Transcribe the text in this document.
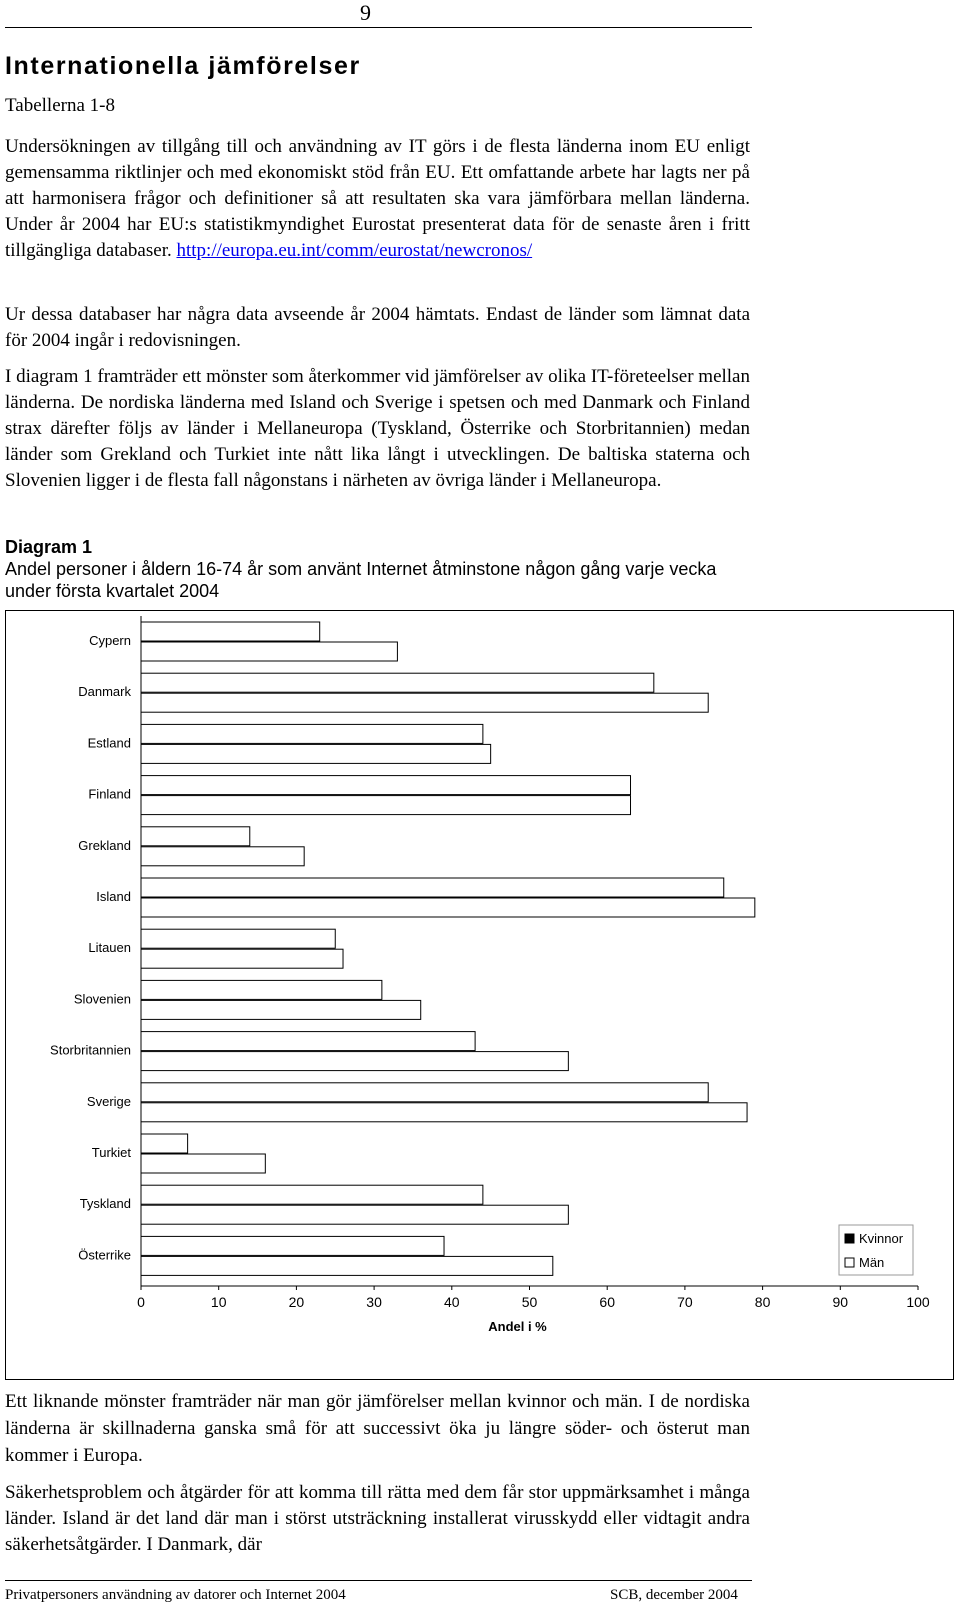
9
Internationella jämförelser
Tabellerna 1-8

Undersökningen av tillgång till och användning av IT görs i de flesta länderna inom EU enligt gemensamma riktlinjer och med ekonomiskt stöd från EU. Ett omfattande arbete har lagts ner på att harmonisera frågor och definitioner så att resultaten ska vara jämförbara mellan länderna. Under år 2004 har EU:s statistikmyndighet Eurostat presenterat data för de senaste åren i fritt tillgängliga databaser. http://europa.eu.int/comm/eurostat/newcronos/

Ur dessa databaser har några data avseende år 2004 hämtats. Endast de länder som lämnat data för 2004 ingår i redovisningen.

I diagram 1 framträder ett mönster som återkommer vid jämförelser av olika IT-företeelser mellan länderna. De nordiska länderna med Island och Sverige i spetsen och med Danmark och Finland strax därefter följs av länder i Mellaneuropa (Tyskland, Österrike och Storbritannien) medan länder som Grekland och Turkiet inte nått lika långt i utvecklingen. De baltiska staterna och Slovenien ligger i de flesta fall någonstans i närheten av övriga länder i Mellaneuropa.

Diagram 1
Andel personer i åldern 16-74 år som använt Internet åtminstone någon gång varje vecka under första kvartalet 2004
Cypern
Danmark
Estland
Finland
Grekland
Island
Litauen
Slovenien
Storbritannien
Sverige
Turkiet
Tyskland
Österrike
0	10	20	30	40	50	60	70	80	90	100
Andel i %
Kvinnor
Män

Ett liknande mönster framträder när man gör jämförelser mellan kvinnor och män. I de nordiska länderna är skillnaderna ganska små för att successivt öka ju längre söder- och österut man kommer i Europa.

Säkerhetsproblem och åtgärder för att komma till rätta med dem får stor uppmärksamhet i många länder. Island är det land där man i störst utsträckning installerat virusskydd eller vidtagit andra säkerhetsåtgärder. I Danmark, där

Privatpersoners användning av datorer och Internet 2004	SCB, december 2004
